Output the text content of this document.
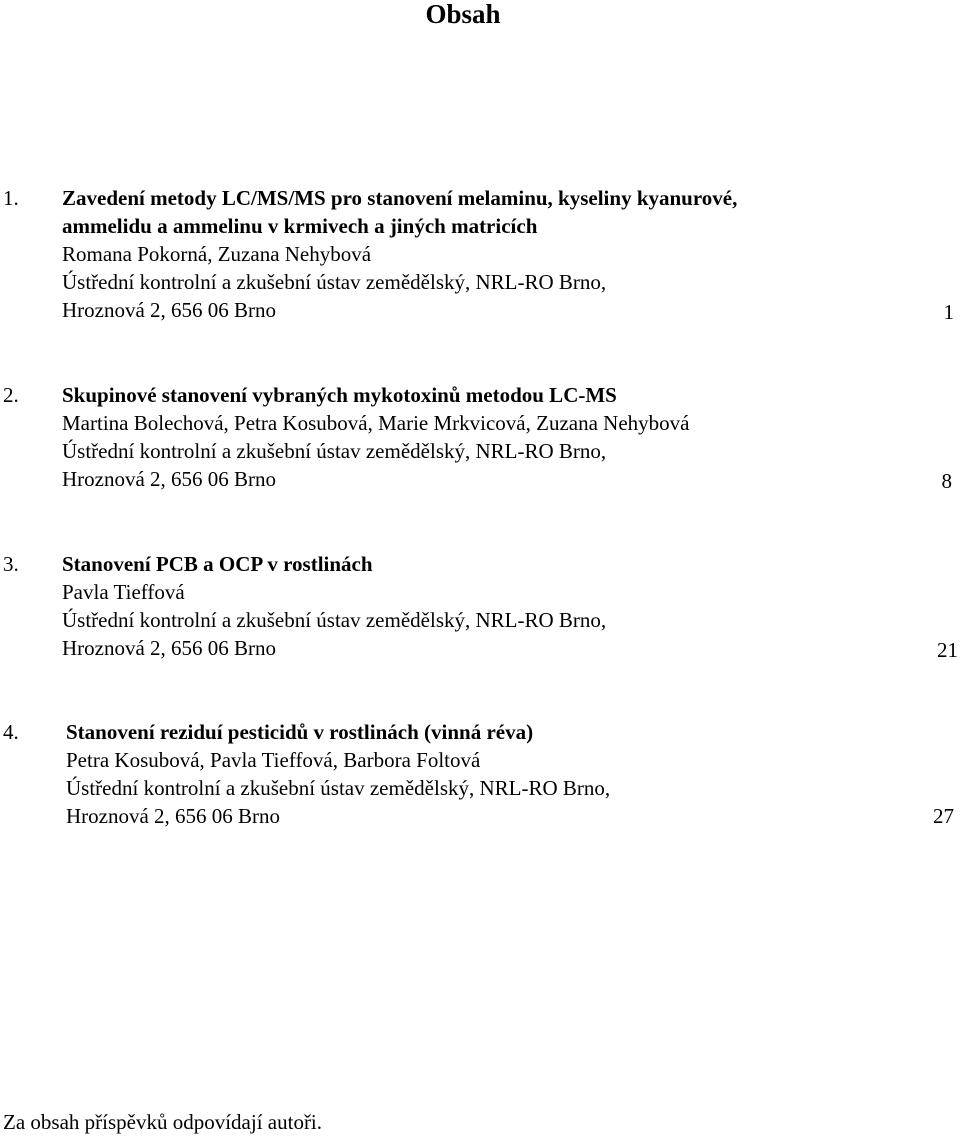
Obsah
1. Zavedení metody LC/MS/MS pro stanovení melaminu, kyseliny kyanurové,
ammelidu a ammelinu v krmivech a jiných matricích
Romana Pokorná, Zuzana Nehybová
Ústřední kontrolní a zkušební ústav zemědělský, NRL-RO Brno,
Hroznová 2, 656 06 Brno	1
2. Skupinové stanovení vybraných mykotoxinů metodou LC-MS
Martina Bolechová, Petra Kosubová, Marie Mrkvicová, Zuzana Nehybová
Ústřední kontrolní a zkušební ústav zemědělský, NRL-RO Brno,
Hroznová 2, 656 06 Brno	8
3. Stanovení PCB a OCP v rostlinách
Pavla Tieffová
Ústřední kontrolní a zkušební ústav zemědělský, NRL-RO Brno,
Hroznová 2, 656 06 Brno	21
4. Stanovení reziduí pesticidů v rostlinách (vinná réva)
Petra Kosubová, Pavla Tieffová, Barbora Foltová
Ústřední kontrolní a zkušební ústav zemědělský, NRL-RO Brno,
Hroznová 2, 656 06 Brno	27
Za obsah příspěvků odpovídají autoři.
